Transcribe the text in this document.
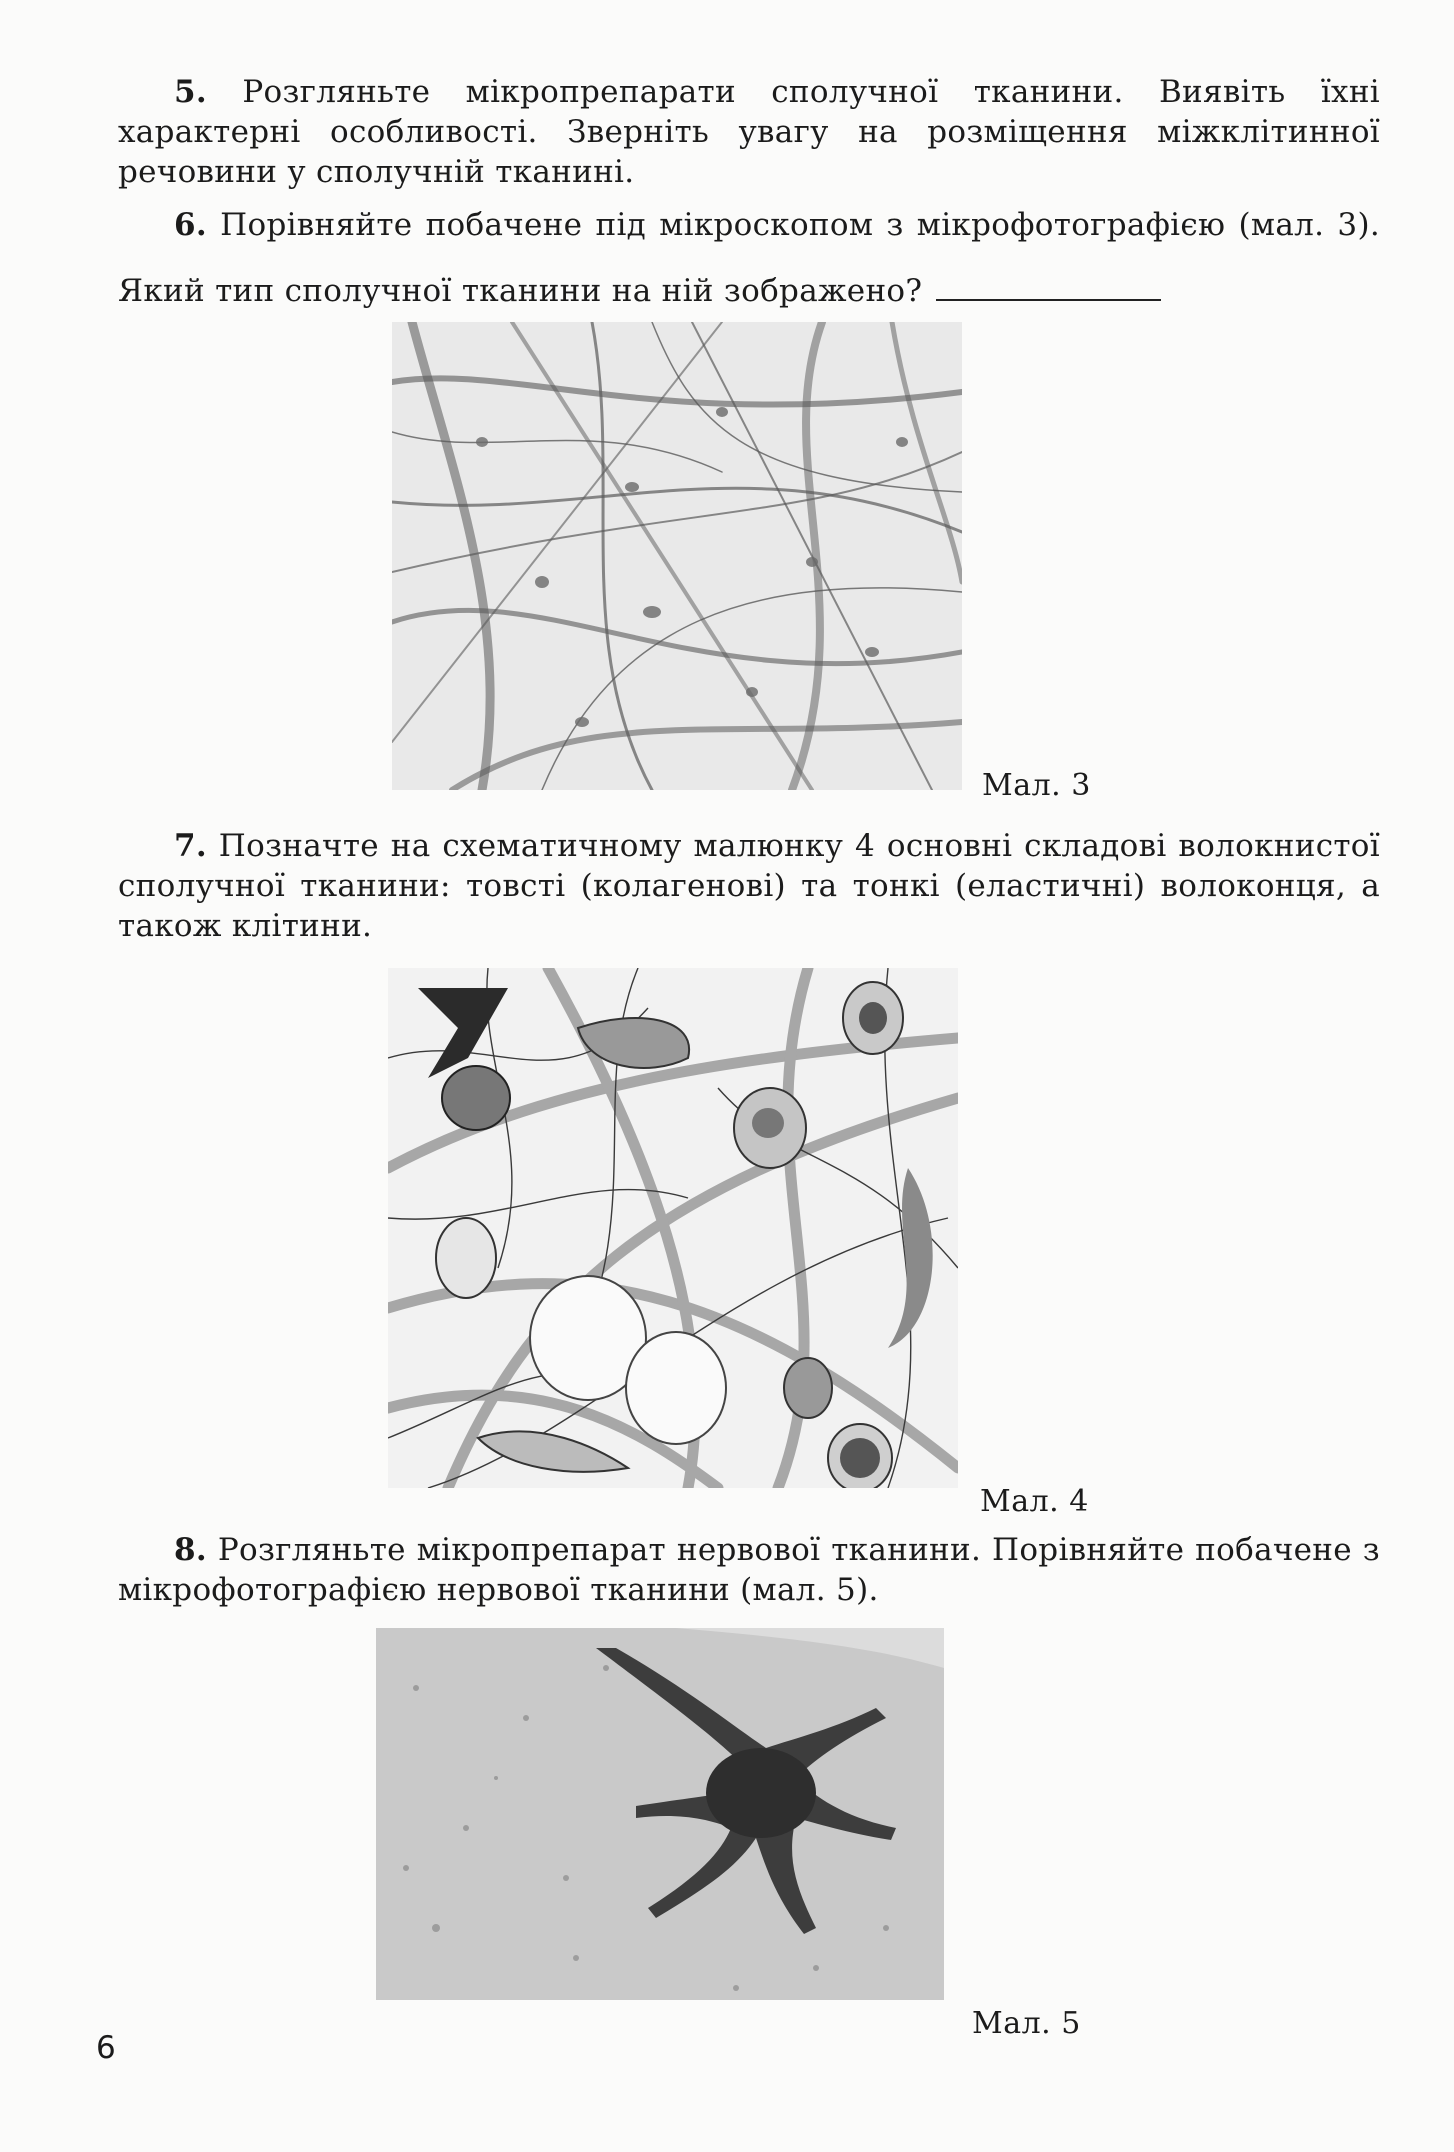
5. Розгляньте мікропрепарати сполучної тканини. Виявіть їхні характерні особливості. Зверніть увагу на розміщення міжклітинної речовини у сполучній тканині.

6. Порівняйте побачене під мікроскопом з мікрофотографією (мал. 3). Який тип сполучної тканини на ній зображено?

Мал. 3

7. Позначте на схематичному малюнку 4 основні складові волокнистої сполучної тканини: товсті (колагенові) та тонкі (еластичні) волоконця, а також клітини.

Мал. 4

8. Розгляньте мікропрепарат нервової тканини. Порівняйте побачене з мікрофотографією нервової тканини (мал. 5).

Мал. 5
6
